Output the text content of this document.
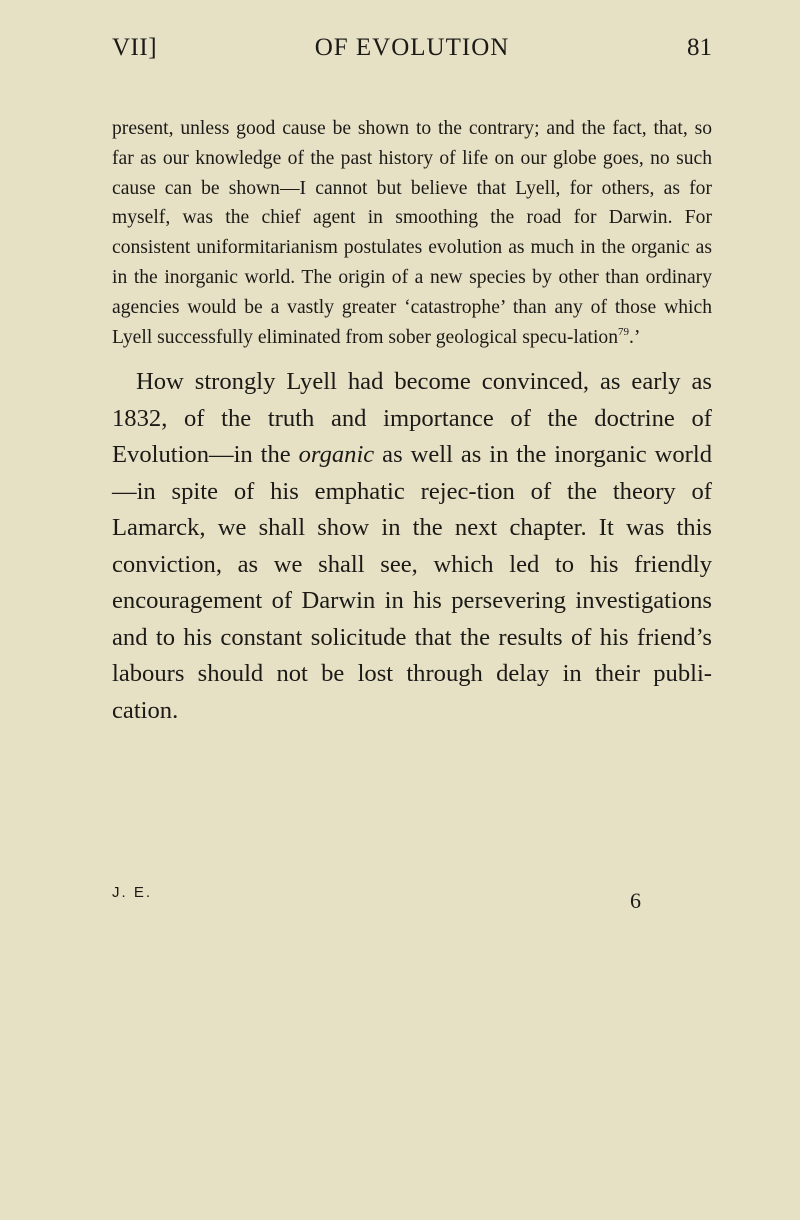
VII]	OF EVOLUTION	81

present, unless good cause be shown to the contrary; and the fact, that, so far as our knowledge of the past history of life on our globe goes, no such cause can be shown—I cannot but believe that Lyell, for others, as for myself, was the chief agent in smoothing the road for Darwin. For consistent uniformitarianism postulates evolution as much in the organic as in the inorganic world. The origin of a new species by other than ordinary agencies would be a vastly greater ‘catastrophe’ than any of those which Lyell successfully eliminated from sober geological specu-lation$^{79}$.’

How strongly Lyell had become convinced, as early as 1832, of the truth and importance of the doctrine of Evolution—in the organic as well as in the inorganic world—in spite of his emphatic rejec-tion of the theory of Lamarck, we shall show in the next chapter. It was this conviction, as we shall see, which led to his friendly encouragement of Darwin in his persevering investigations and to his constant solicitude that the results of his friend’s labours should not be lost through delay in their publi-cation.

J. E.	6
